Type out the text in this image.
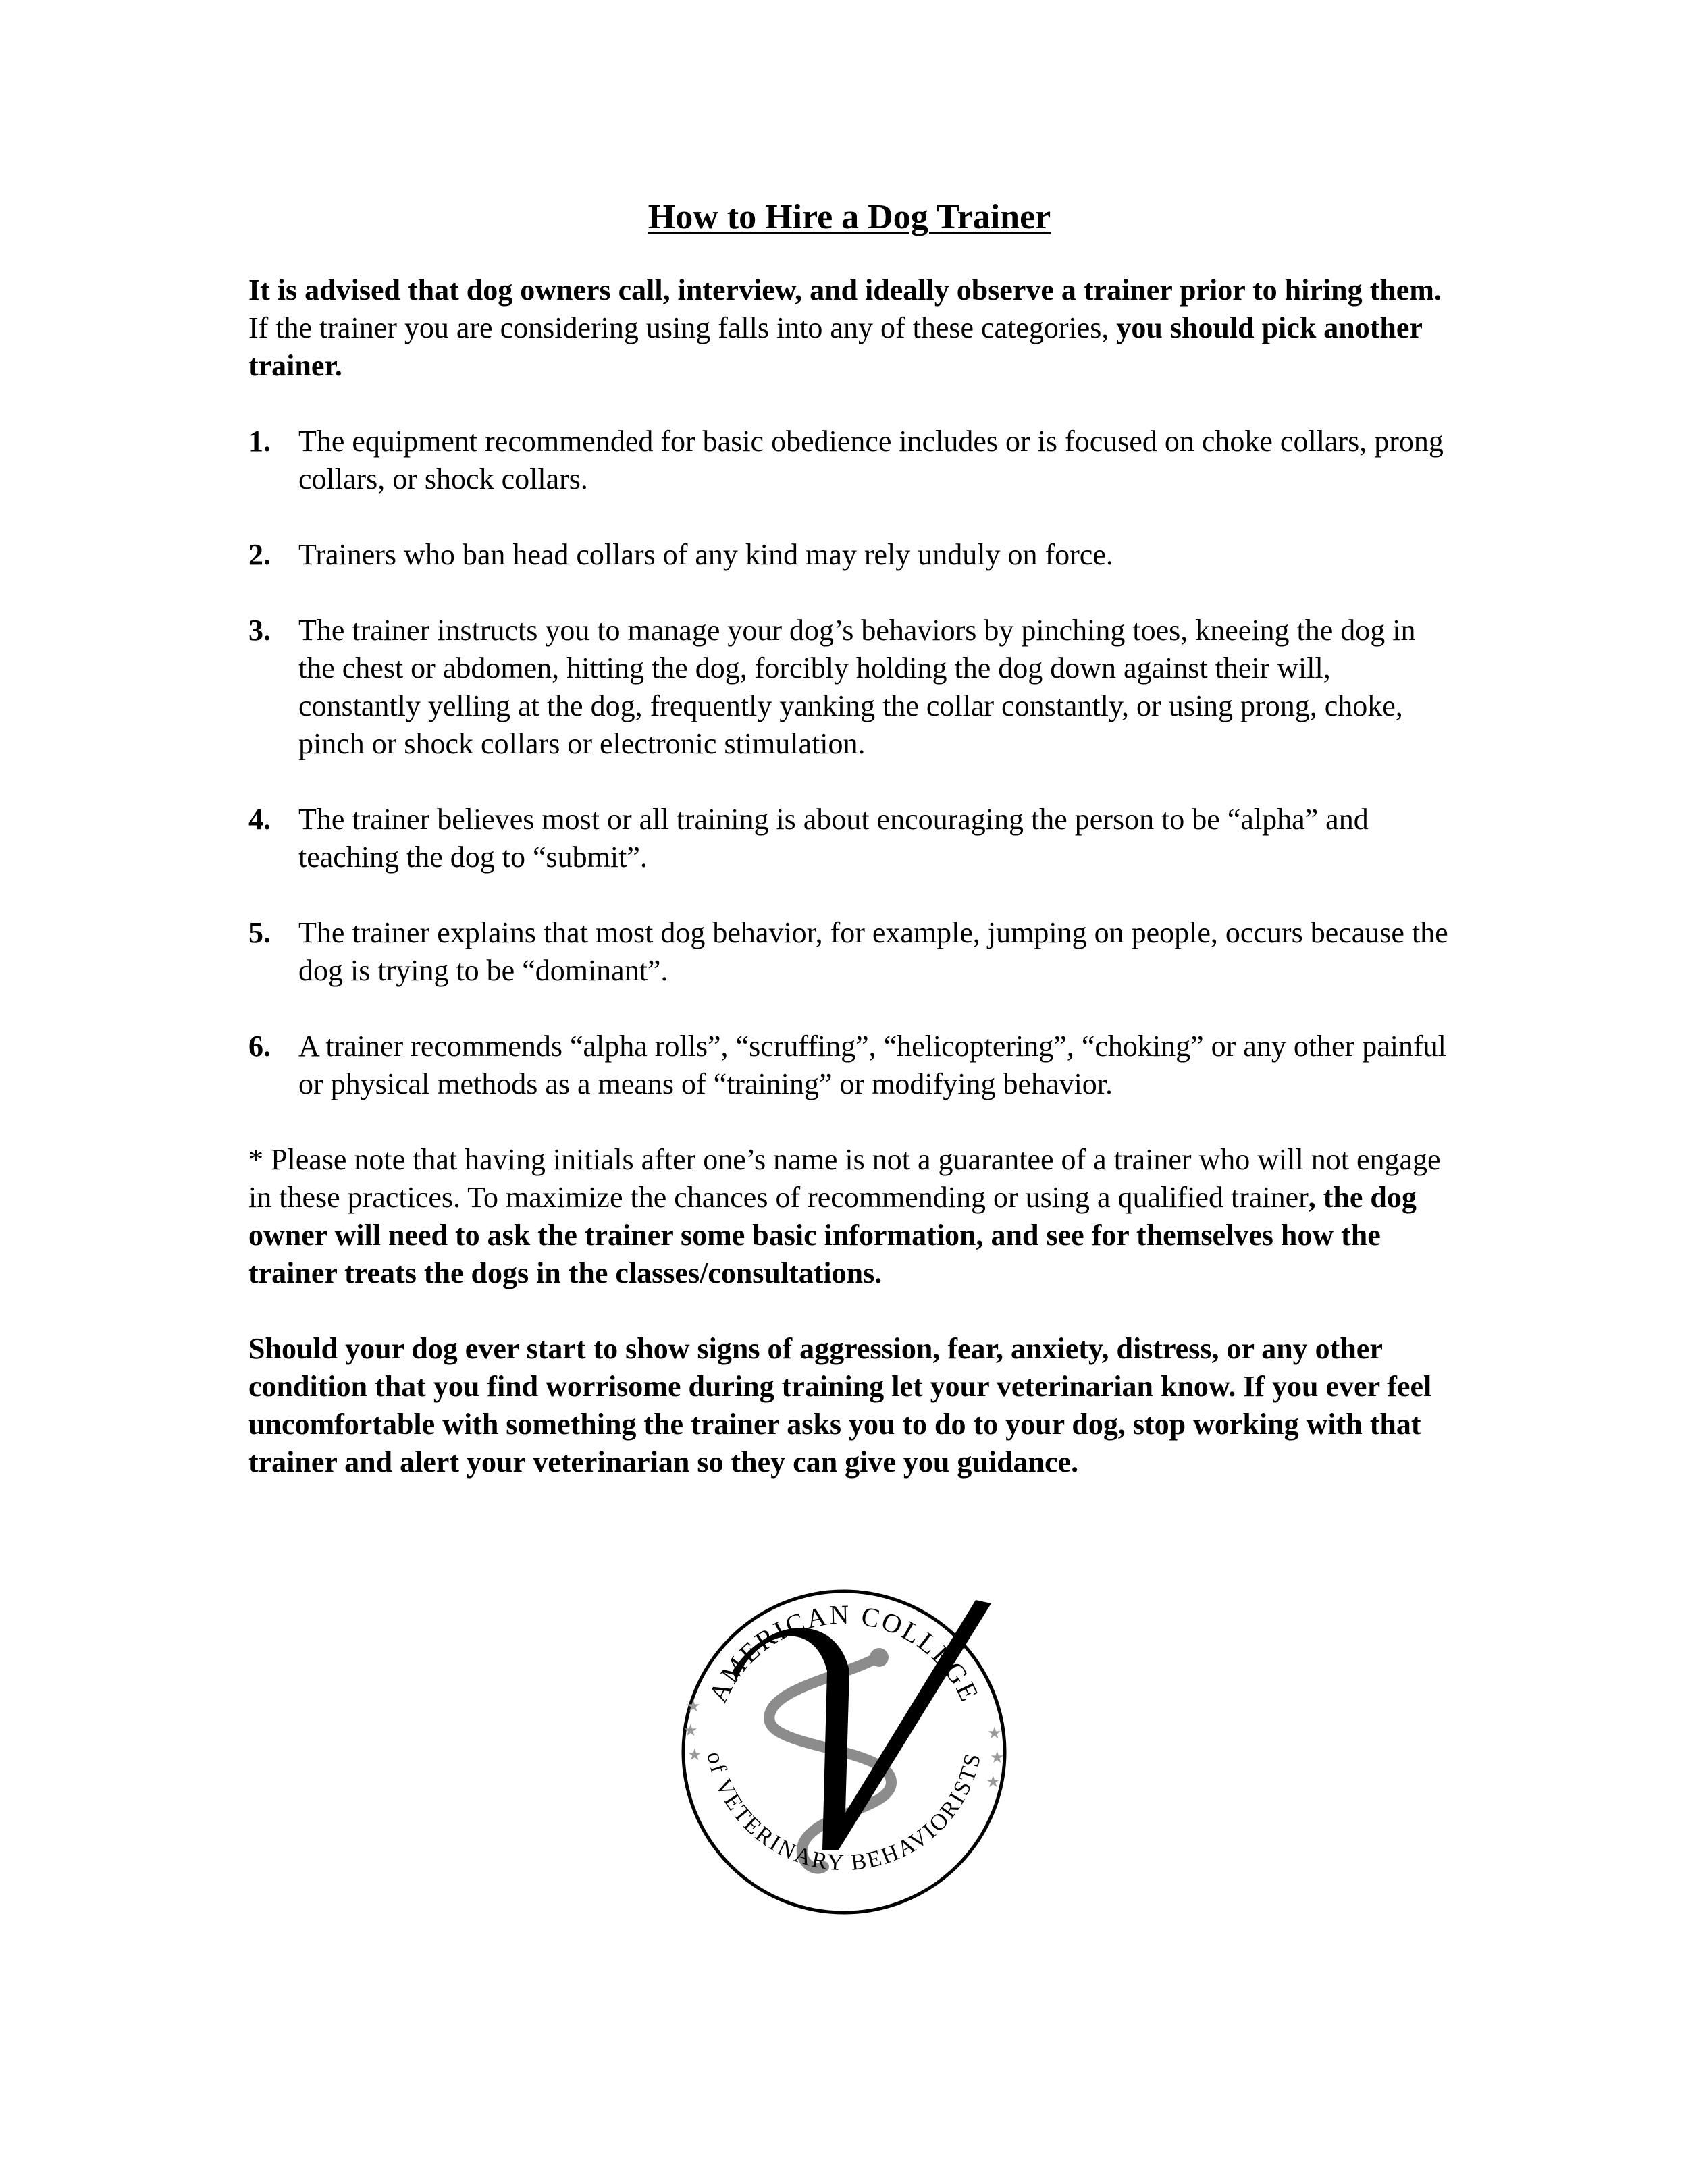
How to Hire a Dog Trainer

It is advised that dog owners call, interview, and ideally observe a trainer prior to hiring them. If the trainer you are considering using falls into any of these categories, you should pick another trainer.

1. The equipment recommended for basic obedience includes or is focused on choke collars, prong collars, or shock collars.
2. Trainers who ban head collars of any kind may rely unduly on force.
3. The trainer instructs you to manage your dog’s behaviors by pinching toes, kneeing the dog in the chest or abdomen, hitting the dog, forcibly holding the dog down against their will, constantly yelling at the dog, frequently yanking the collar constantly, or using prong, choke, pinch or shock collars or electronic stimulation.
4. The trainer believes most or all training is about encouraging the person to be “alpha” and teaching the dog to “submit”.
5. The trainer explains that most dog behavior, for example, jumping on people, occurs because the dog is trying to be “dominant”.
6. A trainer recommends “alpha rolls”, “scruffing”, “helicoptering”, “choking” or any other painful or physical methods as a means of “training” or modifying behavior.

* Please note that having initials after one’s name is not a guarantee of a trainer who will not engage in these practices. To maximize the chances of recommending or using a qualified trainer, the dog owner will need to ask the trainer some basic information, and see for themselves how the trainer treats the dogs in the classes/consultations.

Should your dog ever start to show signs of aggression, fear, anxiety, distress, or any other condition that you find worrisome during training let your veterinarian know. If you ever feel uncomfortable with something the trainer asks you to do to your dog, stop working with that trainer and alert your veterinarian so they can give you guidance.

AMERICAN COLLEGE
of VETERINARY BEHAVIORISTS
★
★
★
★
★
★
